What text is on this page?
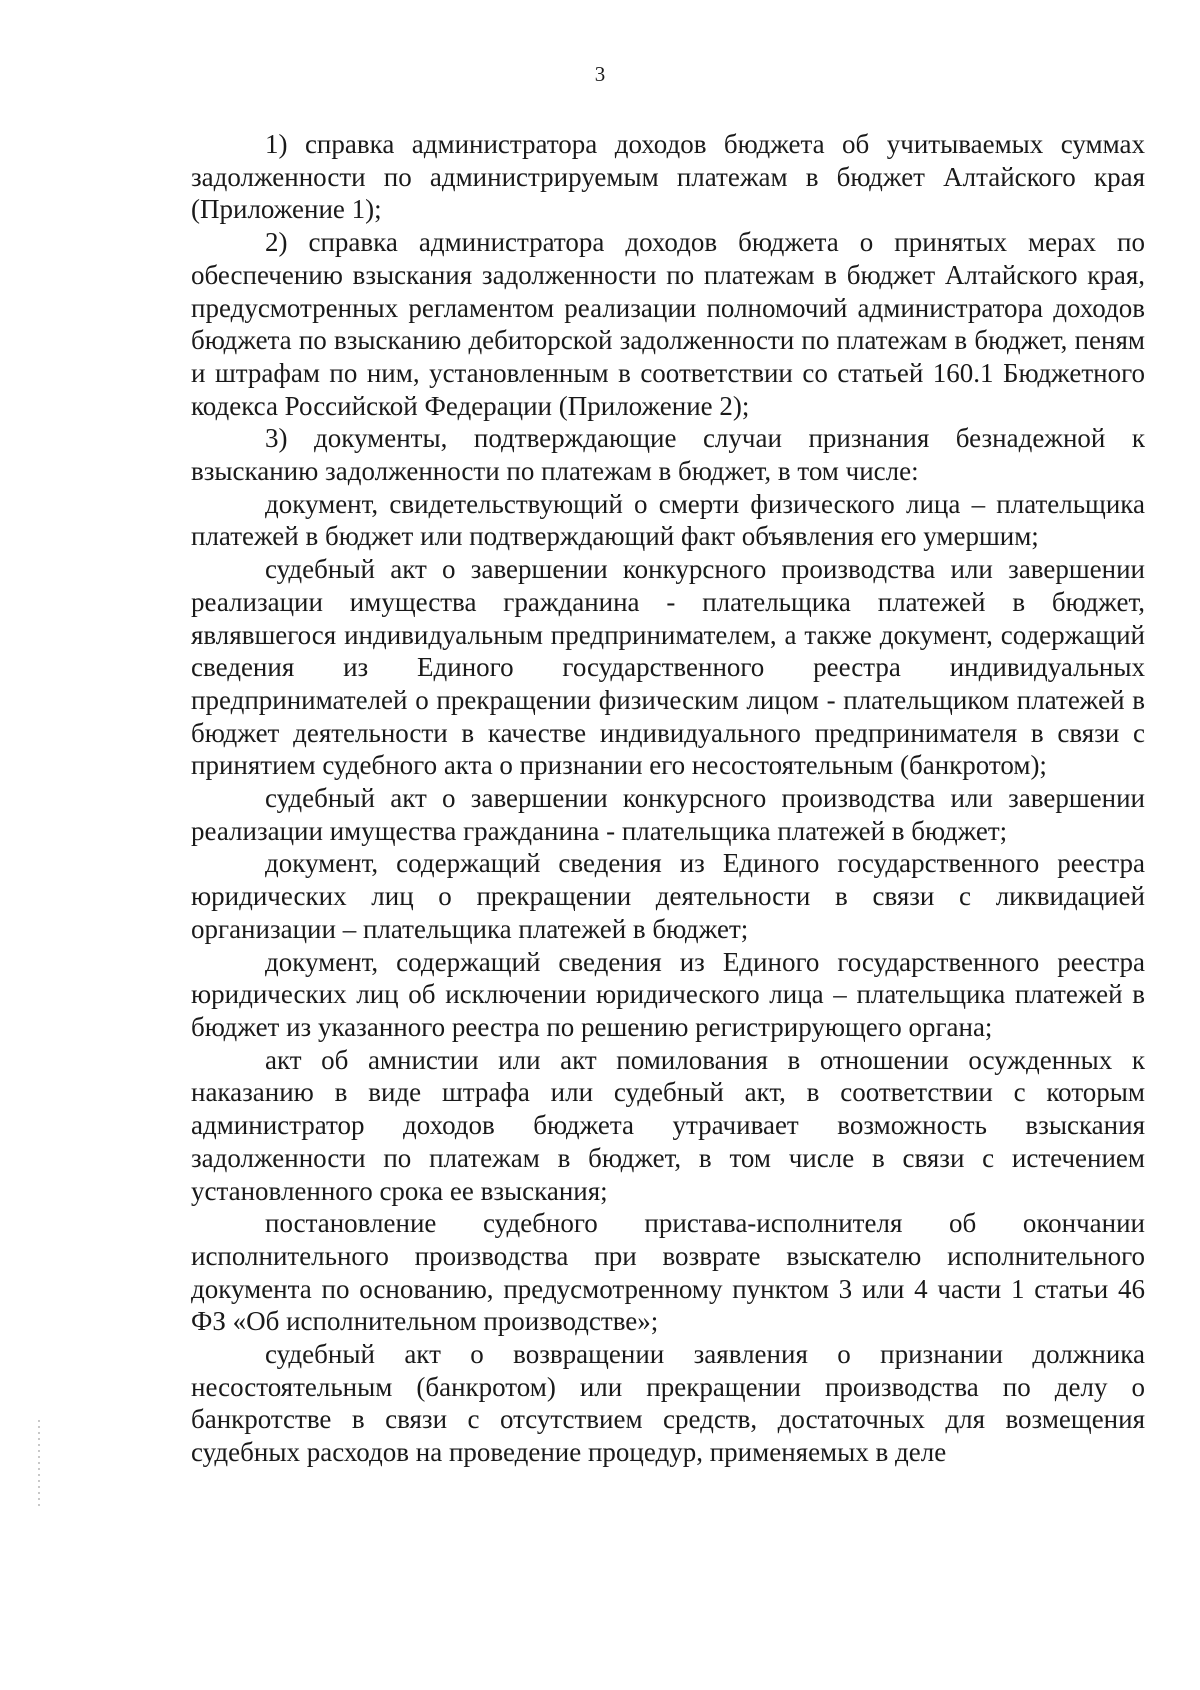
3

1) справка администратора доходов бюджета об учитываемых суммах задолженности по администрируемым платежам в бюджет Алтайского края (Приложение 1);

2) справка администратора доходов бюджета о принятых мерах по обеспечению взыскания задолженности по платежам в бюджет Алтайского края, предусмотренных регламентом реализации полномочий администратора доходов бюджета по взысканию дебиторской задолженности по платежам в бюджет, пеням и штрафам по ним, установленным в соответствии со статьей 160.1 Бюджетного кодекса Российской Федерации (Приложение 2);

3) документы, подтверждающие случаи признания безнадежной к взысканию задолженности по платежам в бюджет, в том числе:

документ, свидетельствующий о смерти физического лица – плательщика платежей в бюджет или подтверждающий факт объявления его умершим;

судебный акт о завершении конкурсного производства или завершении реализации имущества гражданина - плательщика платежей в бюджет, являвшегося индивидуальным предпринимателем, а также документ, содержащий сведения из Единого государственного реестра индивидуальных предпринимателей о прекращении физическим лицом - плательщиком платежей в бюджет деятельности в качестве индивидуального предпринимателя в связи с принятием судебного акта о признании его несостоятельным (банкротом);

судебный акт о завершении конкурсного производства или завершении реализации имущества гражданина - плательщика платежей в бюджет;

документ, содержащий сведения из Единого государственного реестра юридических лиц о прекращении деятельности в связи с ликвидацией организации – плательщика платежей в бюджет;

документ, содержащий сведения из Единого государственного реестра юридических лиц об исключении юридического лица – плательщика платежей в бюджет из указанного реестра по решению регистрирующего органа;

акт об амнистии или акт помилования в отношении осужденных к наказанию в виде штрафа или судебный акт, в соответствии с которым администратор доходов бюджета утрачивает возможность взыскания задолженности по платежам в бюджет, в том числе в связи с истечением установленного срока ее взыскания;

постановление судебного пристава-исполнителя об окончании исполнительного производства при возврате взыскателю исполнительного документа по основанию, предусмотренному пунктом 3 или 4 части 1 статьи 46 ФЗ «Об исполнительном производстве»;

судебный акт о возвращении заявления о признании должника несостоятельным (банкротом) или прекращении производства по делу о банкротстве в связи с отсутствием средств, достаточных для возмещения судебных расходов на проведение процедур, применяемых в деле
